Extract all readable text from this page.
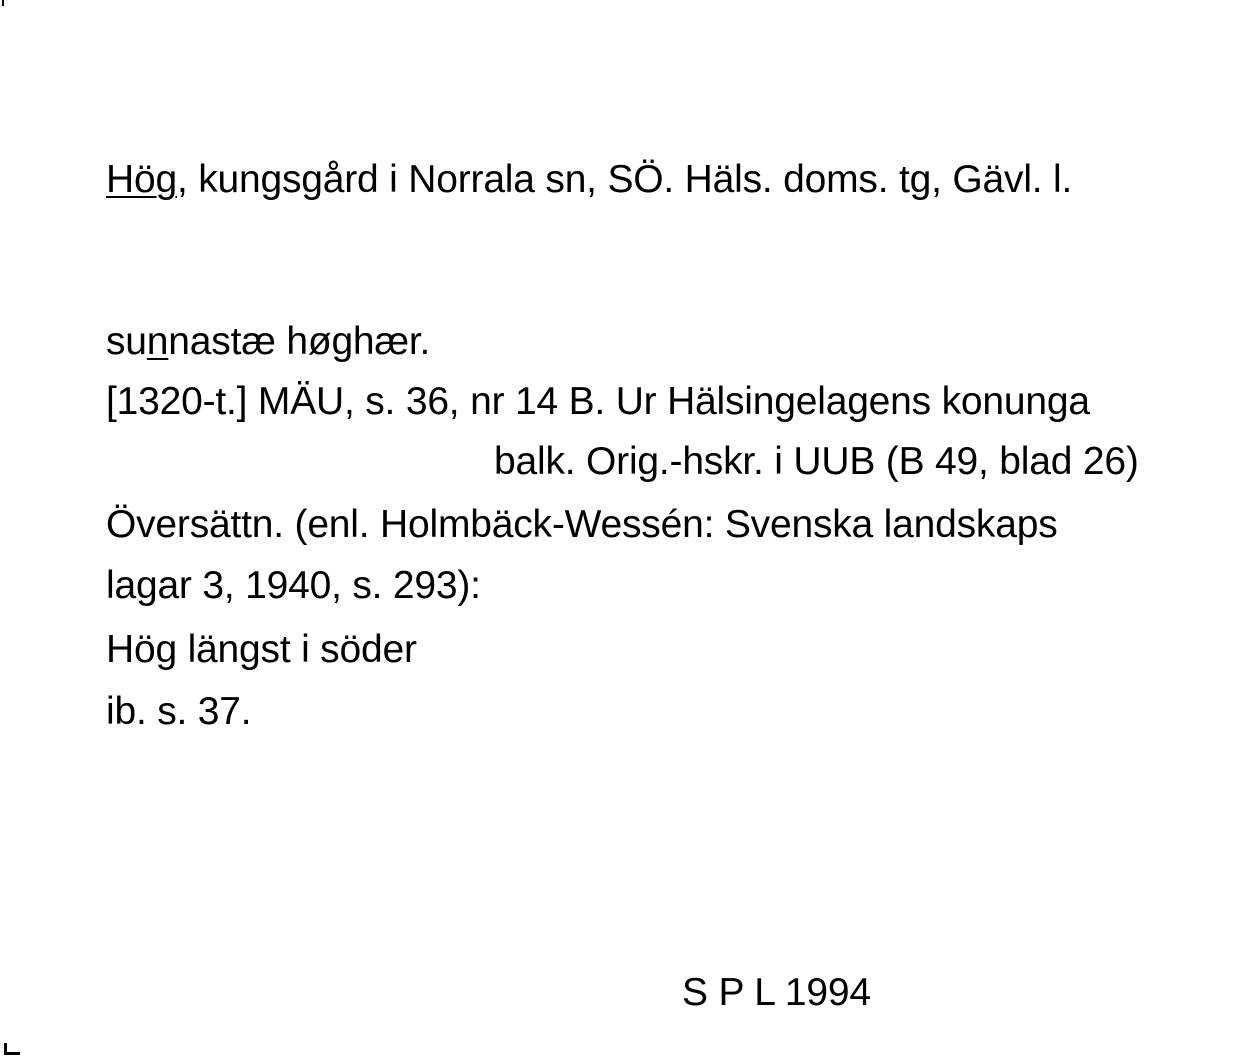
Hög, kungsgård i Norrala sn, SÖ. Häls. doms. tg, Gävl. l.
sunnastæ høghær.
[1320-t.] MÄU, s. 36, nr 14 B. Ur Hälsingelagens konunga
balk. Orig.-hskr. i UUB (B 49, blad 26)
Översättn. (enl. Holmbäck-Wessén: Svenska landskaps
lagar 3, 1940, s. 293):
Hög längst i söder
ib. s. 37.
S P L 1994
